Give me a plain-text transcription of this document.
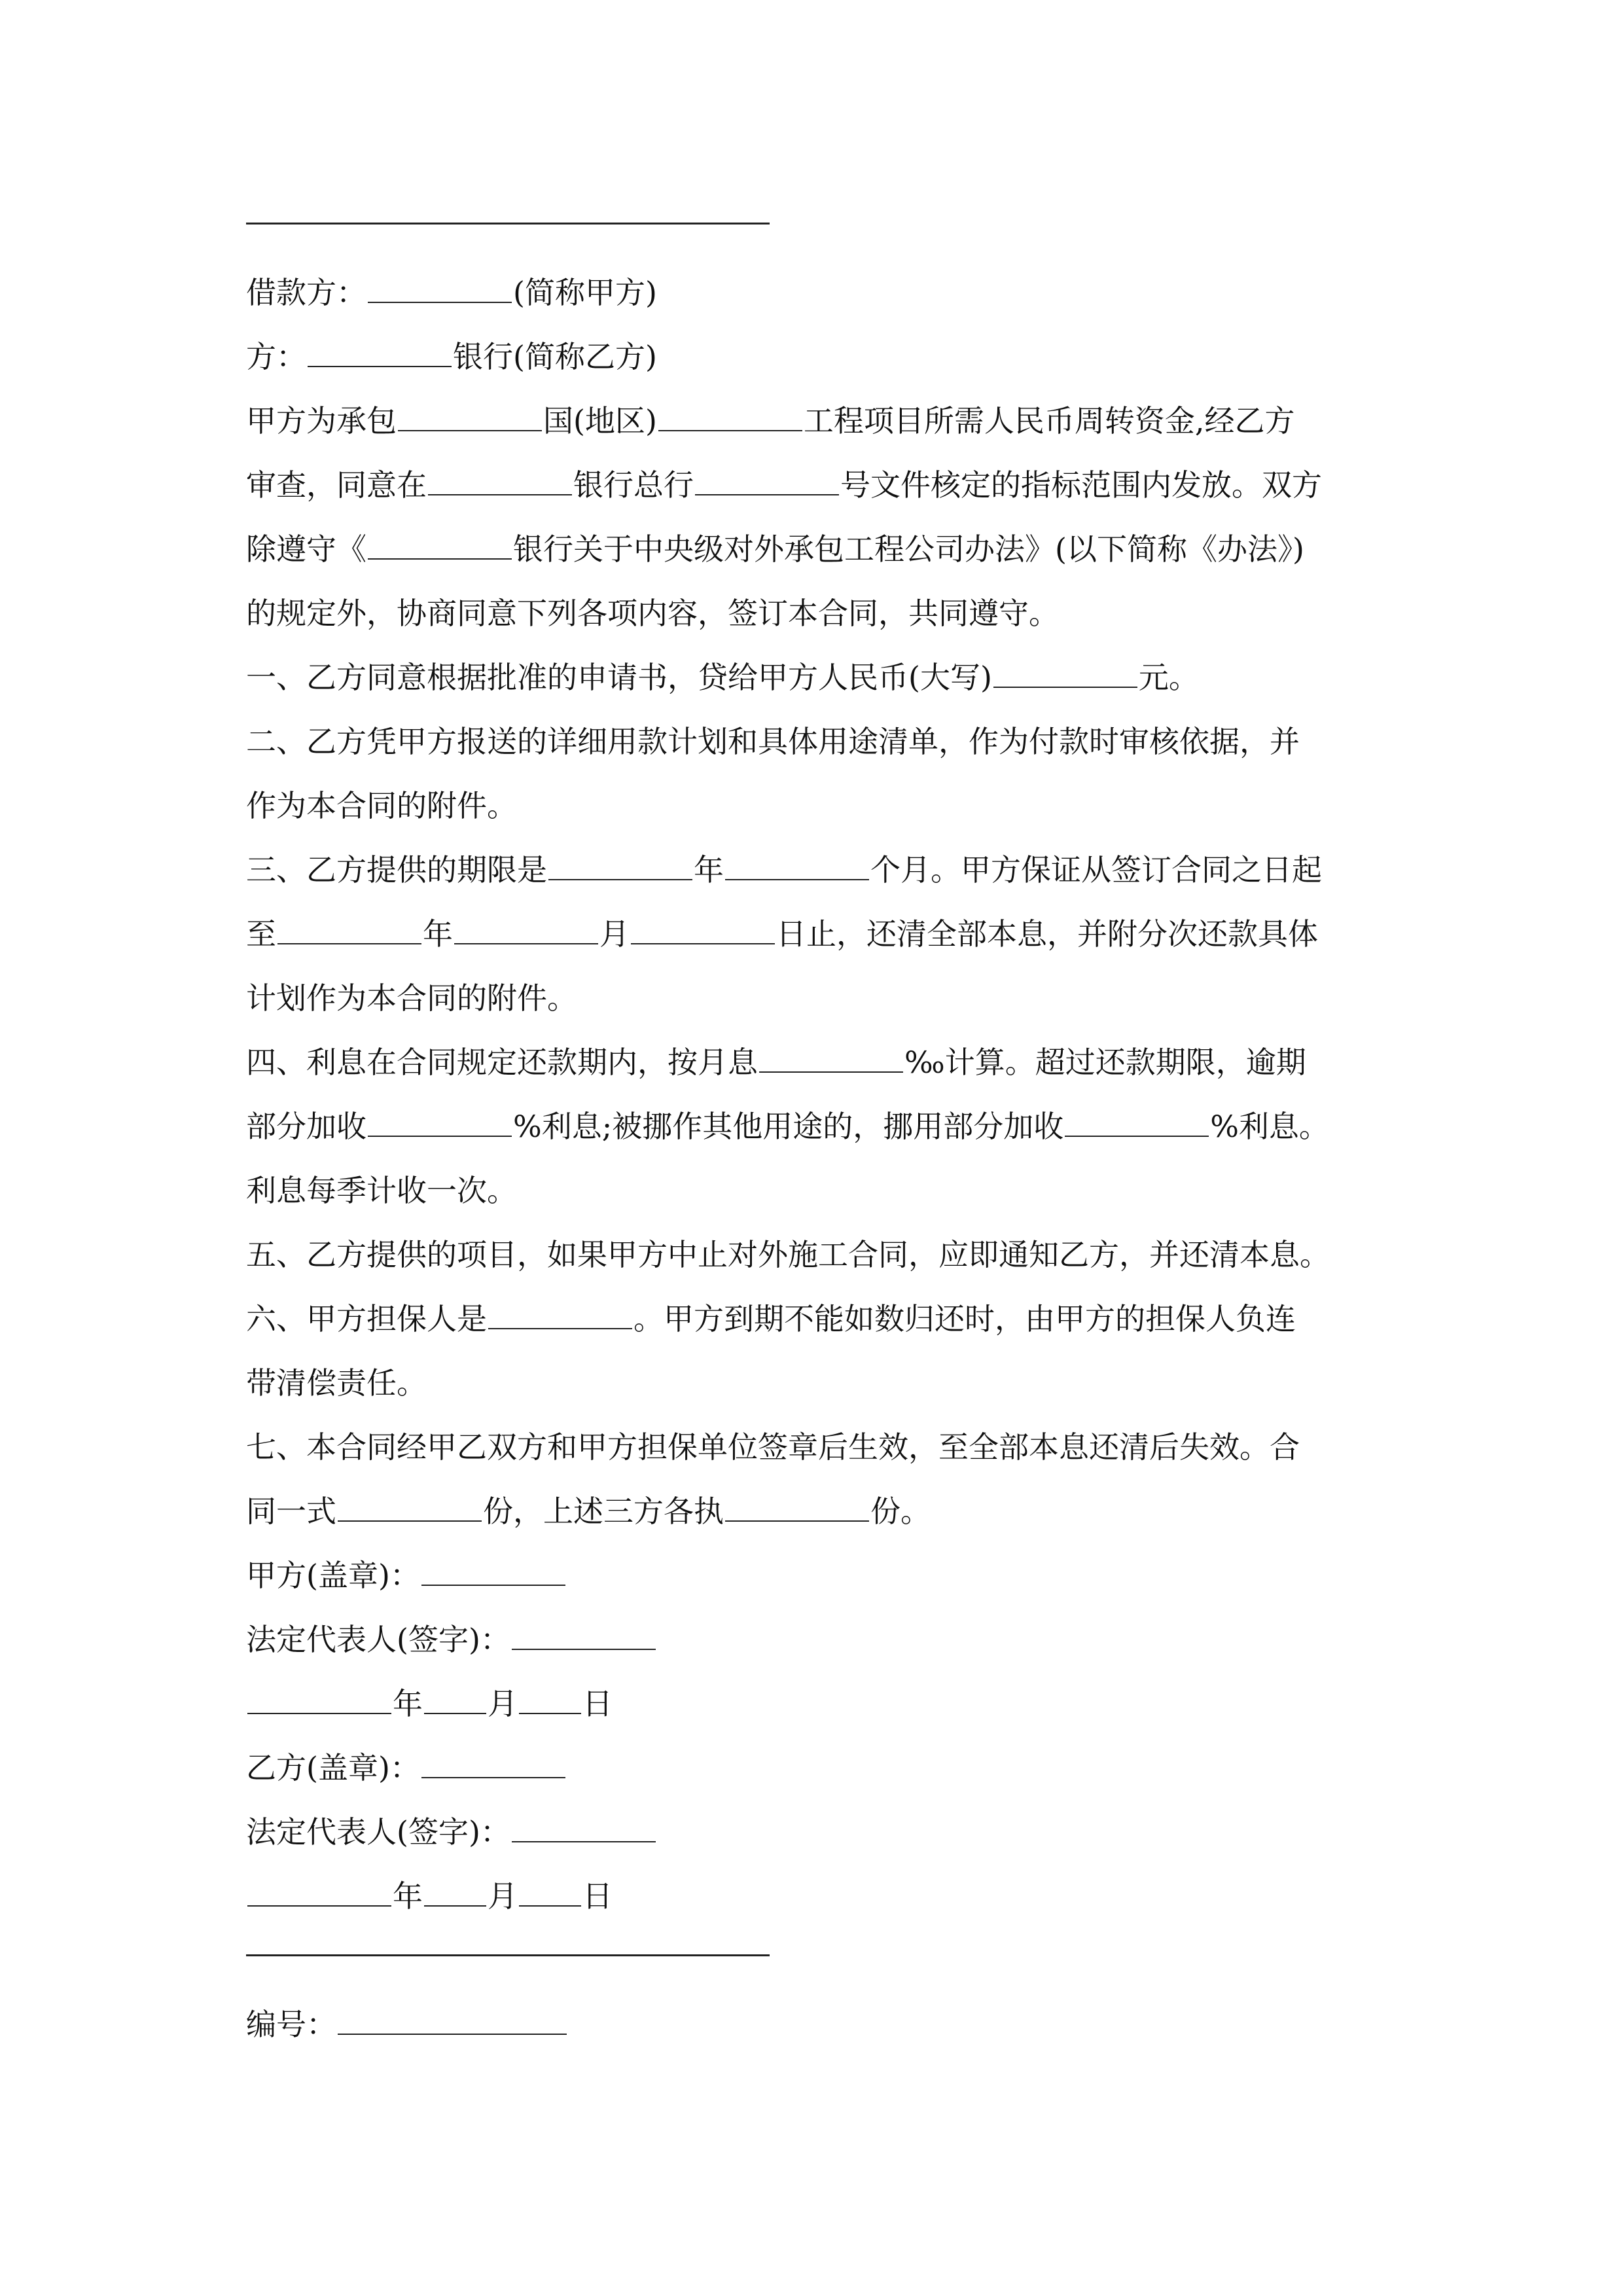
借款方：	(简称甲方)
方：	银行(简称乙方)
甲方为承包	国(地区)	工程项目所需人民币周转资金,经乙方
审查，同意在	银行总行	号文件核定的指标范围内发放。双方
除遵守《	银行关于中央级对外承包工程公司办法》(以下简称《办法》)
的规定外，协商同意下列各项内容，签订本合同，共同遵守。
一、乙方同意根据批准的申请书，贷给甲方人民币(大写)	元。
二、乙方凭甲方报送的详细用款计划和具体用途清单，作为付款时审核依据，并
作为本合同的附件。
三、乙方提供的期限是	年	个月。甲方保证从签订合同之日起
至	年	月	日止，还清全部本息，并附分次还款具体
计划作为本合同的附件。
四、利息在合同规定还款期内，按月息	‰计算。超过还款期限，逾期
部分加收	%利息;被挪作其他用途的，挪用部分加收	%利息。
利息每季计收一次。
五、乙方提供的项目，如果甲方中止对外施工合同，应即通知乙方，并还清本息。
六、甲方担保人是	。甲方到期不能如数归还时，由甲方的担保人负连
带清偿责任。
七、本合同经甲乙双方和甲方担保单位签章后生效，至全部本息还清后失效。合
同一式	份，上述三方各执	份。
甲方(盖章)：
法定代表人(签字)：
年 月 日
乙方(盖章)：
法定代表人(签字)：
年 月 日
编号：
